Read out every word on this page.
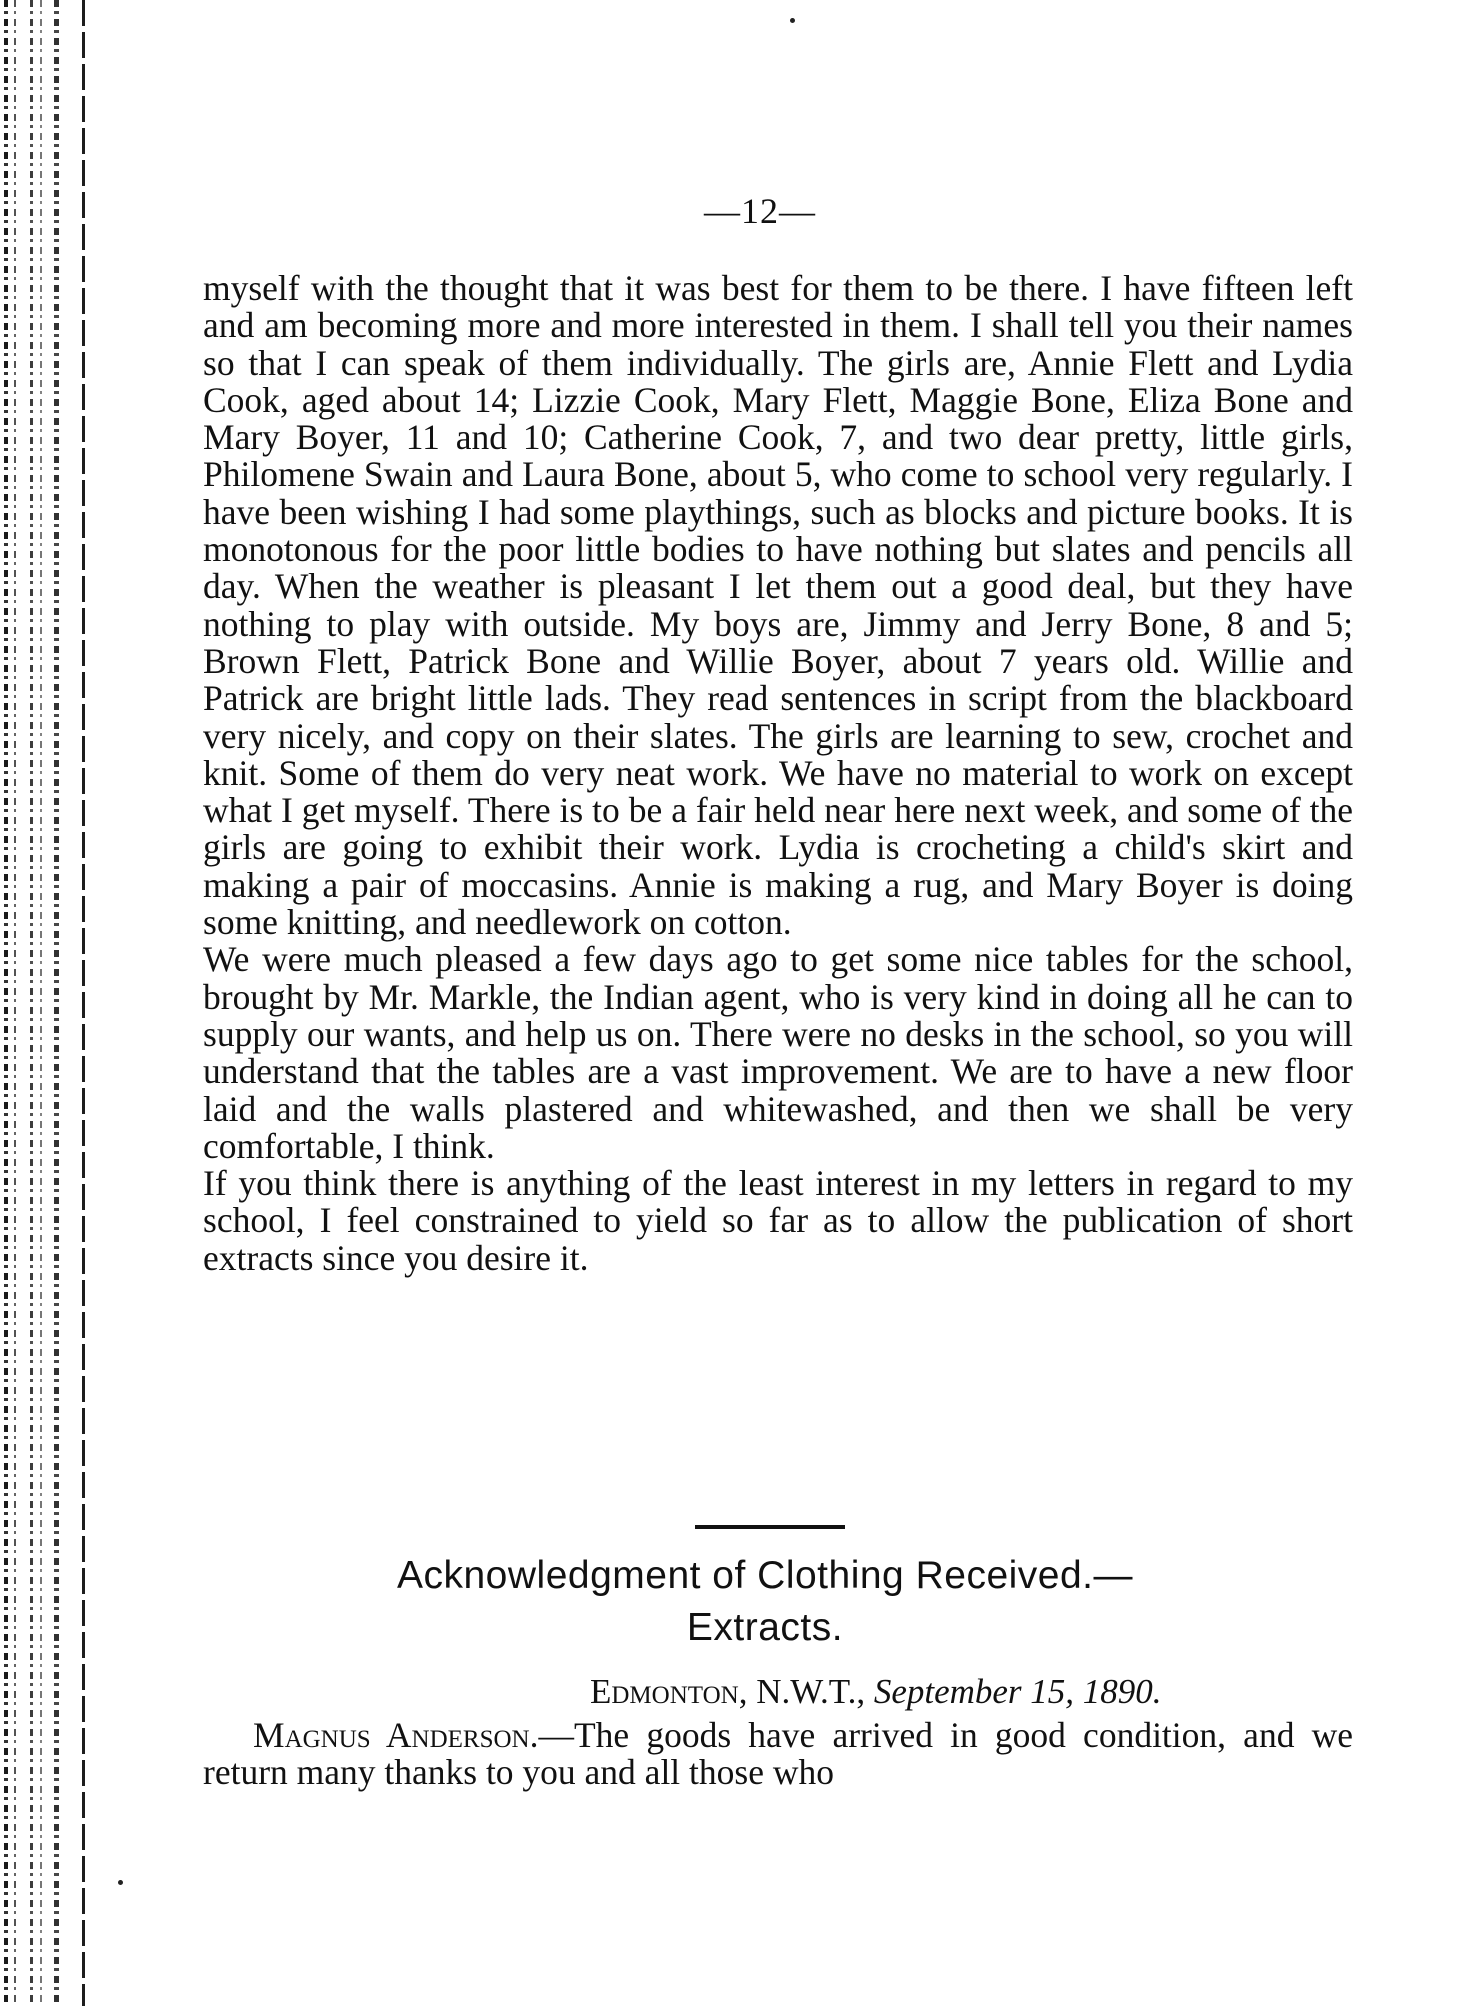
—12—
myself with the thought that it was best for them to be there. I have fifteen left and am becoming more and more interested in them. I shall tell you their names so that I can speak of them individually. The girls are, Annie Flett and Lydia Cook, aged about 14; Lizzie Cook, Mary Flett, Maggie Bone, Eliza Bone and Mary Boyer, 11 and 10; Catherine Cook, 7, and two dear pretty, little girls, Philomene Swain and Laura Bone, about 5, who come to school very regularly. I have been wishing I had some playthings, such as blocks and picture books. It is monotonous for the poor little bodies to have nothing but slates and pencils all day. When the weather is pleasant I let them out a good deal, but they have nothing to play with outside. My boys are, Jimmy and Jerry Bone, 8 and 5; Brown Flett, Patrick Bone and Willie Boyer, about 7 years old. Willie and Patrick are bright little lads. They read sentences in script from the blackboard very nicely, and copy on their slates. The girls are learning to sew, crochet and knit. Some of them do very neat work. We have no material to work on except what I get myself. There is to be a fair held near here next week, and some of the girls are going to exhibit their work. Lydia is crocheting a child's skirt and making a pair of moccasins. Annie is making a rug, and Mary Boyer is doing some knitting, and needlework on cotton.
We were much pleased a few days ago to get some nice tables for the school, brought by Mr. Markle, the Indian agent, who is very kind in doing all he can to supply our wants, and help us on. There were no desks in the school, so you will understand that the tables are a vast improvement. We are to have a new floor laid and the walls plastered and whitewashed, and then we shall be very comfortable, I think.
If you think there is anything of the least interest in my letters in regard to my school, I feel constrained to yield so far as to allow the publication of short extracts since you desire it.
Acknowledgment of Clothing Received.—
Extracts.
Edmonton, N.W.T., September 15, 1890.
Magnus Anderson.—The goods have arrived in good condition, and we return many thanks to you and all those who
